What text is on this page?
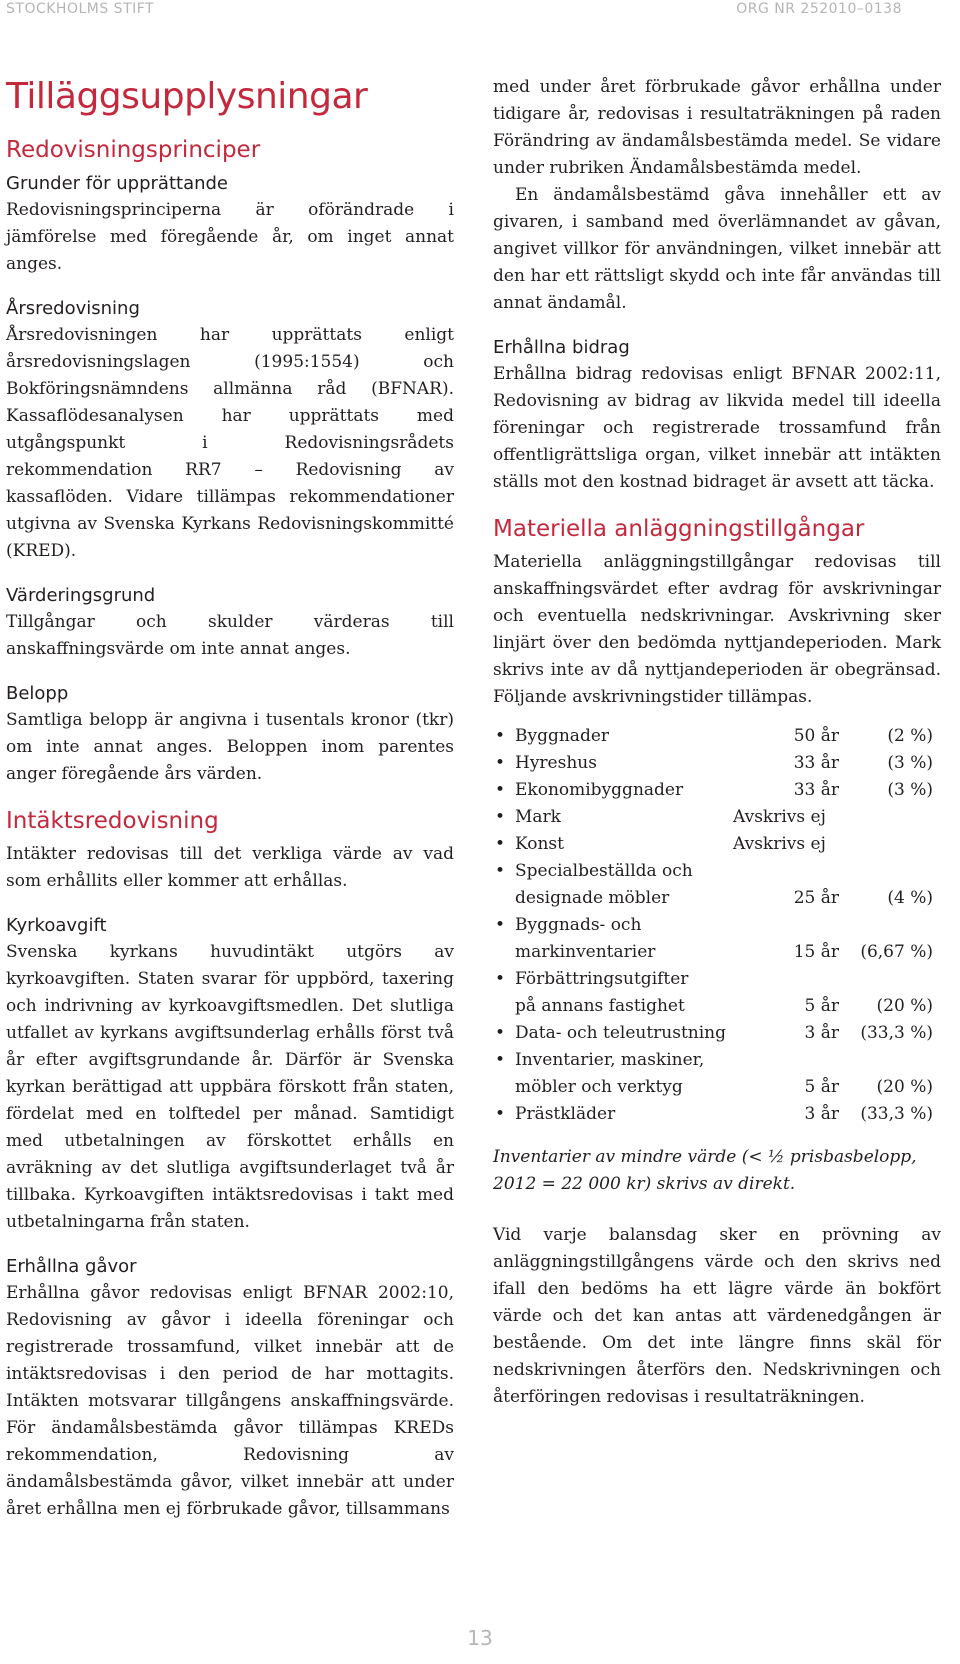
STOCKHOLMS STIFT	ORG NR 252010–0138
Tilläggsupplysningar
Redovisningsprinciper
Grunder för upprättande

Redovisningsprinciperna är oförändrade i jämförelse med föregående år, om inget annat anges.

Årsredovisning

Årsredovisningen har upprättats enligt årsredovisningslagen (1995:1554) och Bokföringsnämndens allmänna råd (BFNAR). Kassaflödesanalysen har upprättats med utgångspunkt i Redovisningsrådets rekommendation RR7 – Redovisning av kassaflöden. Vidare tillämpas rekommendationer utgivna av Svenska Kyrkans Redovisningskommitté (KRED).

Värderingsgrund

Tillgångar och skulder värderas till anskaffningsvärde om inte annat anges.

Belopp

Samtliga belopp är angivna i tusentals kronor (tkr) om inte annat anges. Beloppen inom parentes anger föregående års värden.

Intäktsredovisning

Intäkter redovisas till det verkliga värde av vad som erhållits eller kommer att erhållas.

Kyrkoavgift

Svenska kyrkans huvudintäkt utgörs av kyrkoavgiften. Staten svarar för uppbörd, taxering och indrivning av kyrkoavgiftsmedlen. Det slutliga utfallet av kyrkans avgiftsunderlag erhålls först två år efter avgiftsgrundande år. Därför är Svenska kyrkan berättigad att uppbära förskott från staten, fördelat med en tolftedel per månad. Samtidigt med utbetalningen av förskottet erhålls en avräkning av det slutliga avgiftsunderlaget två år tillbaka. Kyrkoavgiften intäktsredovisas i takt med utbetalningarna från staten.

Erhållna gåvor

Erhållna gåvor redovisas enligt BFNAR 2002:10, Redovisning av gåvor i ideella föreningar och registrerade trossamfund, vilket innebär att de intäktsredovisas i den period de har mottagits. Intäkten motsvarar tillgångens anskaffningsvärde. För ändamålsbestämda gåvor tillämpas KREDs rekommendation, Redovisning av ändamålsbestämda gåvor, vilket innebär att under året erhållna men ej förbrukade gåvor, tillsammans

med under året förbrukade gåvor erhållna under tidigare år, redovisas i resultaträkningen på raden Förändring av ändamålsbestämda medel. Se vidare under rubriken Ändamålsbestämda medel.

En ändamålsbestämd gåva innehåller ett av givaren, i samband med överlämnandet av gåvan, angivet villkor för användningen, vilket innebär att den har ett rättsligt skydd och inte får användas till annat ändamål.

Erhållna bidrag

Erhållna bidrag redovisas enligt BFNAR 2002:11, Redovisning av bidrag av likvida medel till ideella föreningar och registrerade trossamfund från offentligrättsliga organ, vilket innebär att intäkten ställs mot den kostnad bidraget är avsett att täcka.

Materiella anläggningstillgångar

Materiella anläggningstillgångar redovisas till anskaffningsvärdet efter avdrag för avskrivningar och eventuella nedskrivningar. Avskrivning sker linjärt över den bedömda nyttjandeperioden. Mark skrivs inte av då nyttjandeperioden är obegränsad. Följande avskrivningstider tillämpas.

• Byggnader	50 år	(2 %)
• Hyreshus	33 år	(3 %)
• Ekonomibyggnader	33 år	(3 %)
• Mark	Avskrivs ej
• Konst	Avskrivs ej
• Specialbeställda och
designade möbler	25 år	(4 %)
• Byggnads- och
markinventarier	15 år	(6,67 %)
• Förbättringsutgifter
på annans fastighet	5 år	(20 %)
• Data- och teleutrustning	3 år	(33,3 %)
• Inventarier, maskiner,
möbler och verktyg	5 år	(20 %)
• Prästkläder	3 år	(33,3 %)

Inventarier av mindre värde (< ½ prisbasbelopp, 2012 = 22 000 kr) skrivs av direkt.

Vid varje balansdag sker en prövning av anläggningstillgångens värde och den skrivs ned ifall den bedöms ha ett lägre värde än bokfört värde och det kan antas att värdenedgången är bestående. Om det inte längre finns skäl för nedskrivningen återförs den. Nedskrivningen och återföringen redovisas i resultaträkningen.

13
